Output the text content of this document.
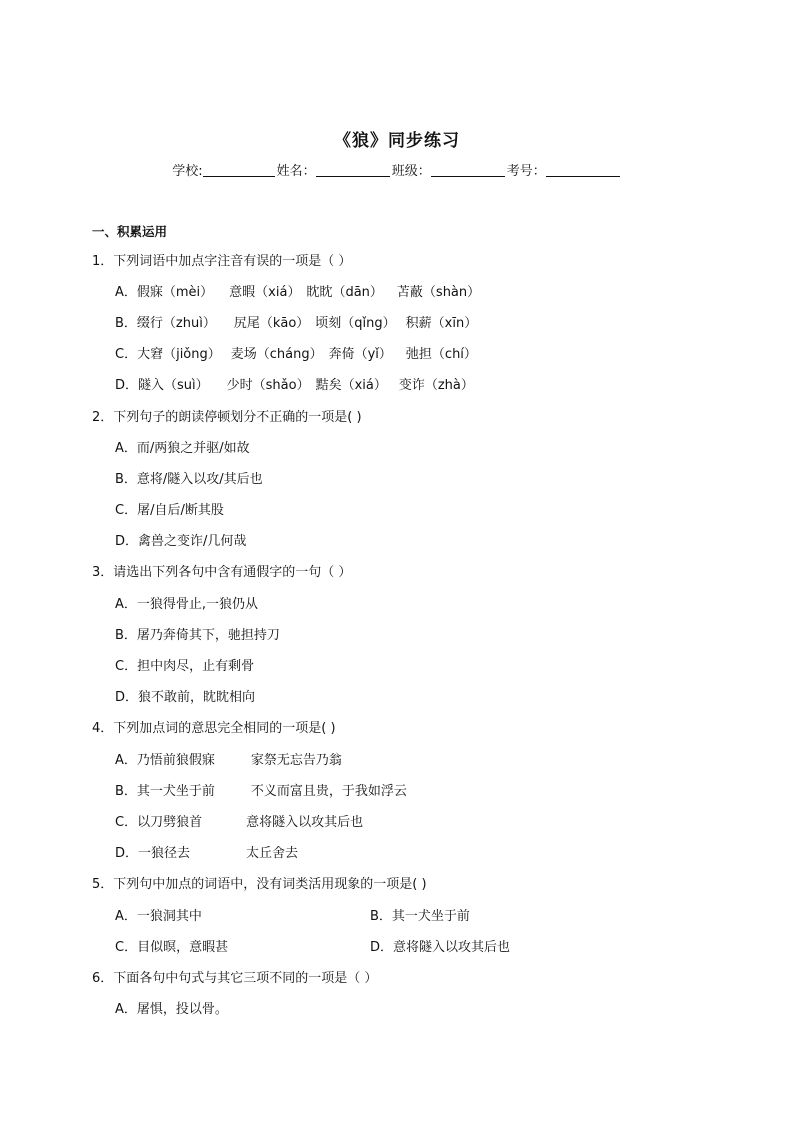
《狼》同步练习
学校:	姓名：	班级：	考号：
一、积累运用
1．下列词语中加点字注音有误的一项是（ ）
A．假寐（mèi） 意暇（xiá） 眈眈（dān） 苫蔽（shàn）
B．缀行（zhuì） 尻尾（kāo） 顷刻（qǐng） 积薪（xīn）
C．大窘（jiǒng） 麦场（cháng） 奔倚（yǐ） 弛担（chí）
D．隧入（suì） 少时（shǎo） 黠矣（xiá） 变诈（zhà）
2．下列句子的朗读停顿划分不正确的一项是( )
A．而/两狼之并驱/如故
B．意将/隧入以攻/其后也
C．屠/自后/断其股
D．禽兽之变诈/几何哉
3．请选出下列各句中含有通假字的一句（ ）
A．一狼得骨止,一狼仍从
B．屠乃奔倚其下，驰担持刀
C．担中肉尽，止有剩骨
D．狼不敢前，眈眈相向
4．下列加点词的意思完全相同的一项是( )
A．乃悟前狼假寐	家祭无忘告乃翁
B．其一犬坐于前	不义而富且贵，于我如浮云
C．以刀劈狼首	意将隧入以攻其后也
D．一狼径去	太丘舍去
5．下列句中加点的词语中，没有词类活用现象的一项是( )
A．一狼洞其中	B．其一犬坐于前
C．目似暝，意暇甚	D．意将隧入以攻其后也
6．下面各句中句式与其它三项不同的一项是（ ）
A．屠惧，投以骨。
